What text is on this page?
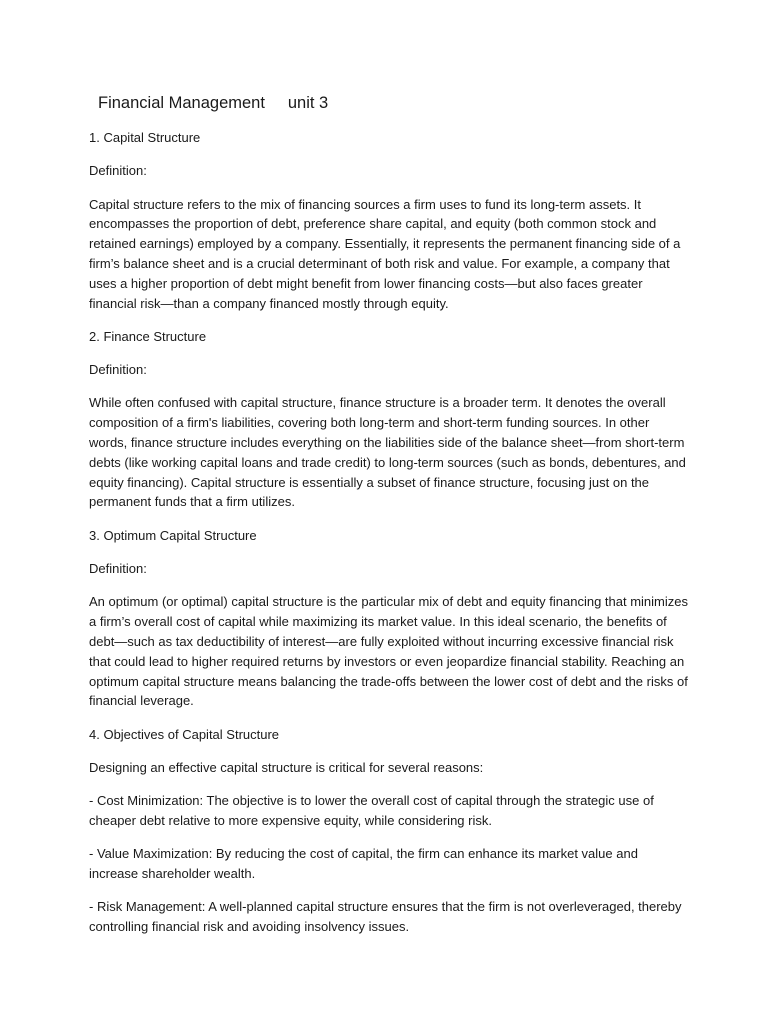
Financial Management     unit 3

1. Capital Structure

Definition:

Capital structure refers to the mix of financing sources a firm uses to fund its long-term assets. It encompasses the proportion of debt, preference share capital, and equity (both common stock and retained earnings) employed by a company. Essentially, it represents the permanent financing side of a firm’s balance sheet and is a crucial determinant of both risk and value. For example, a company that uses a higher proportion of debt might benefit from lower financing costs—but also faces greater financial risk—than a company financed mostly through equity.

2. Finance Structure

Definition:

While often confused with capital structure, finance structure is a broader term. It denotes the overall composition of a firm's liabilities, covering both long-term and short-term funding sources. In other words, finance structure includes everything on the liabilities side of the balance sheet—from short-term debts (like working capital loans and trade credit) to long-term sources (such as bonds, debentures, and equity financing). Capital structure is essentially a subset of finance structure, focusing just on the permanent funds that a firm utilizes.

3. Optimum Capital Structure

Definition:

An optimum (or optimal) capital structure is the particular mix of debt and equity financing that minimizes a firm’s overall cost of capital while maximizing its market value. In this ideal scenario, the benefits of debt—such as tax deductibility of interest—are fully exploited without incurring excessive financial risk that could lead to higher required returns by investors or even jeopardize financial stability. Reaching an optimum capital structure means balancing the trade-offs between the lower cost of debt and the risks of financial leverage.

4. Objectives of Capital Structure

Designing an effective capital structure is critical for several reasons:

- Cost Minimization: The objective is to lower the overall cost of capital through the strategic use of cheaper debt relative to more expensive equity, while considering risk.

- Value Maximization: By reducing the cost of capital, the firm can enhance its market value and increase shareholder wealth.

- Risk Management: A well-planned capital structure ensures that the firm is not overleveraged, thereby controlling financial risk and avoiding insolvency issues.
